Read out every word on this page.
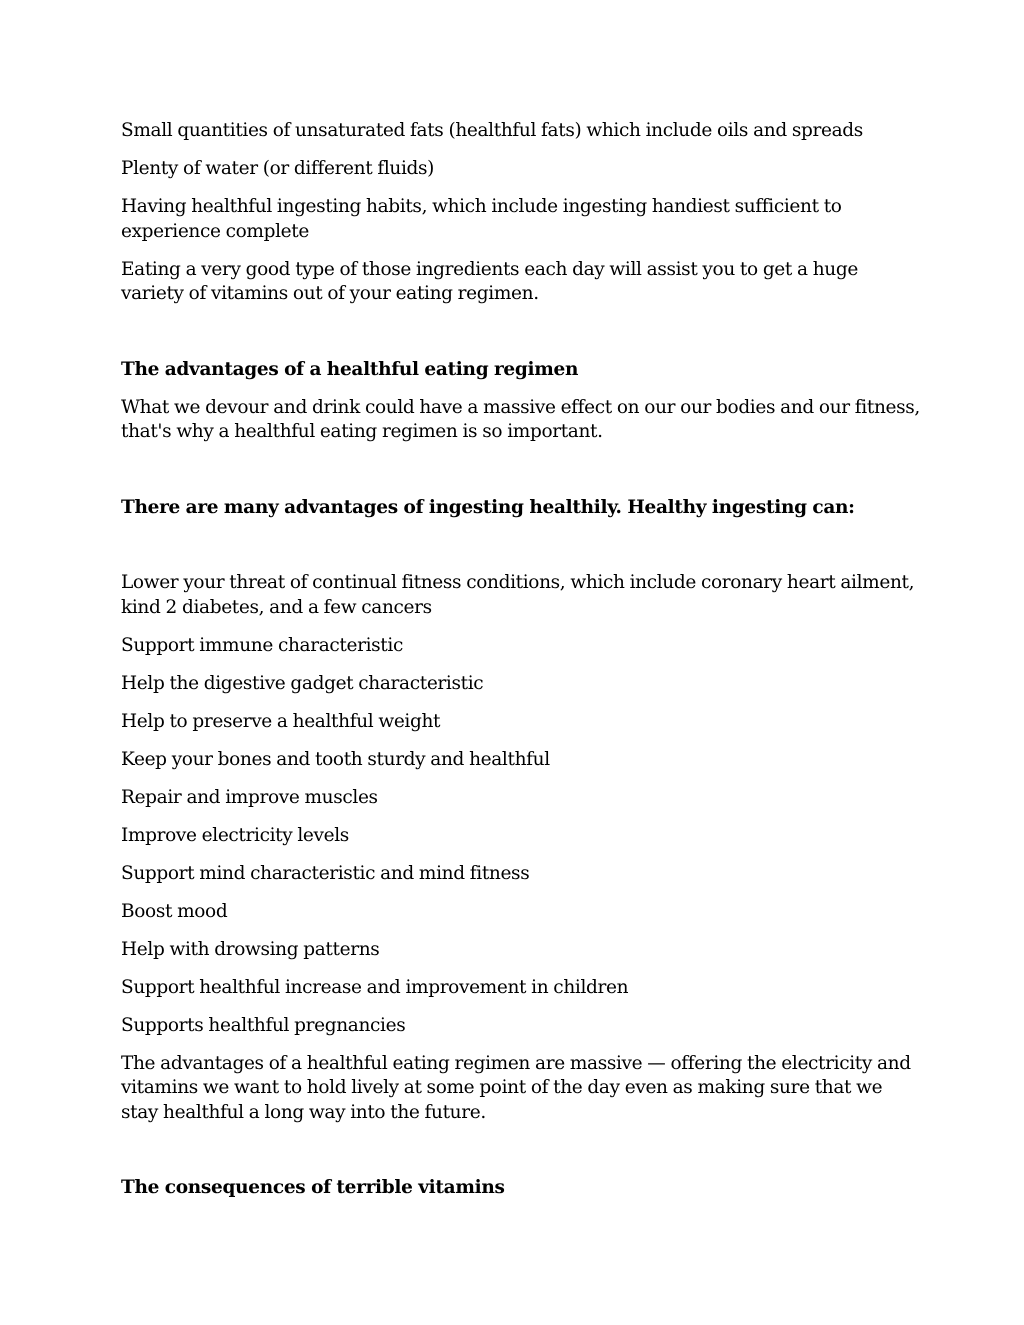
Small quantities of unsaturated fats (healthful fats) which include oils and spreads

Plenty of water (or different fluids)

Having healthful ingesting habits, which include ingesting handiest sufficient to experience complete

Eating a very good type of those ingredients each day will assist you to get a huge variety of vitamins out of your eating regimen.

The advantages of a healthful eating regimen

What we devour and drink could have a massive effect on our our bodies and our fitness, that's why a healthful eating regimen is so important.

There are many advantages of ingesting healthily. Healthy ingesting can:

Lower your threat of continual fitness conditions, which include coronary heart ailment, kind 2 diabetes, and a few cancers

Support immune characteristic

Help the digestive gadget characteristic

Help to preserve a healthful weight

Keep your bones and tooth sturdy and healthful

Repair and improve muscles

Improve electricity levels

Support mind characteristic and mind fitness

Boost mood

Help with drowsing patterns

Support healthful increase and improvement in children

Supports healthful pregnancies

The advantages of a healthful eating regimen are massive — offering the electricity and vitamins we want to hold lively at some point of the day even as making sure that we stay healthful a long way into the future.

The consequences of terrible vitamins
